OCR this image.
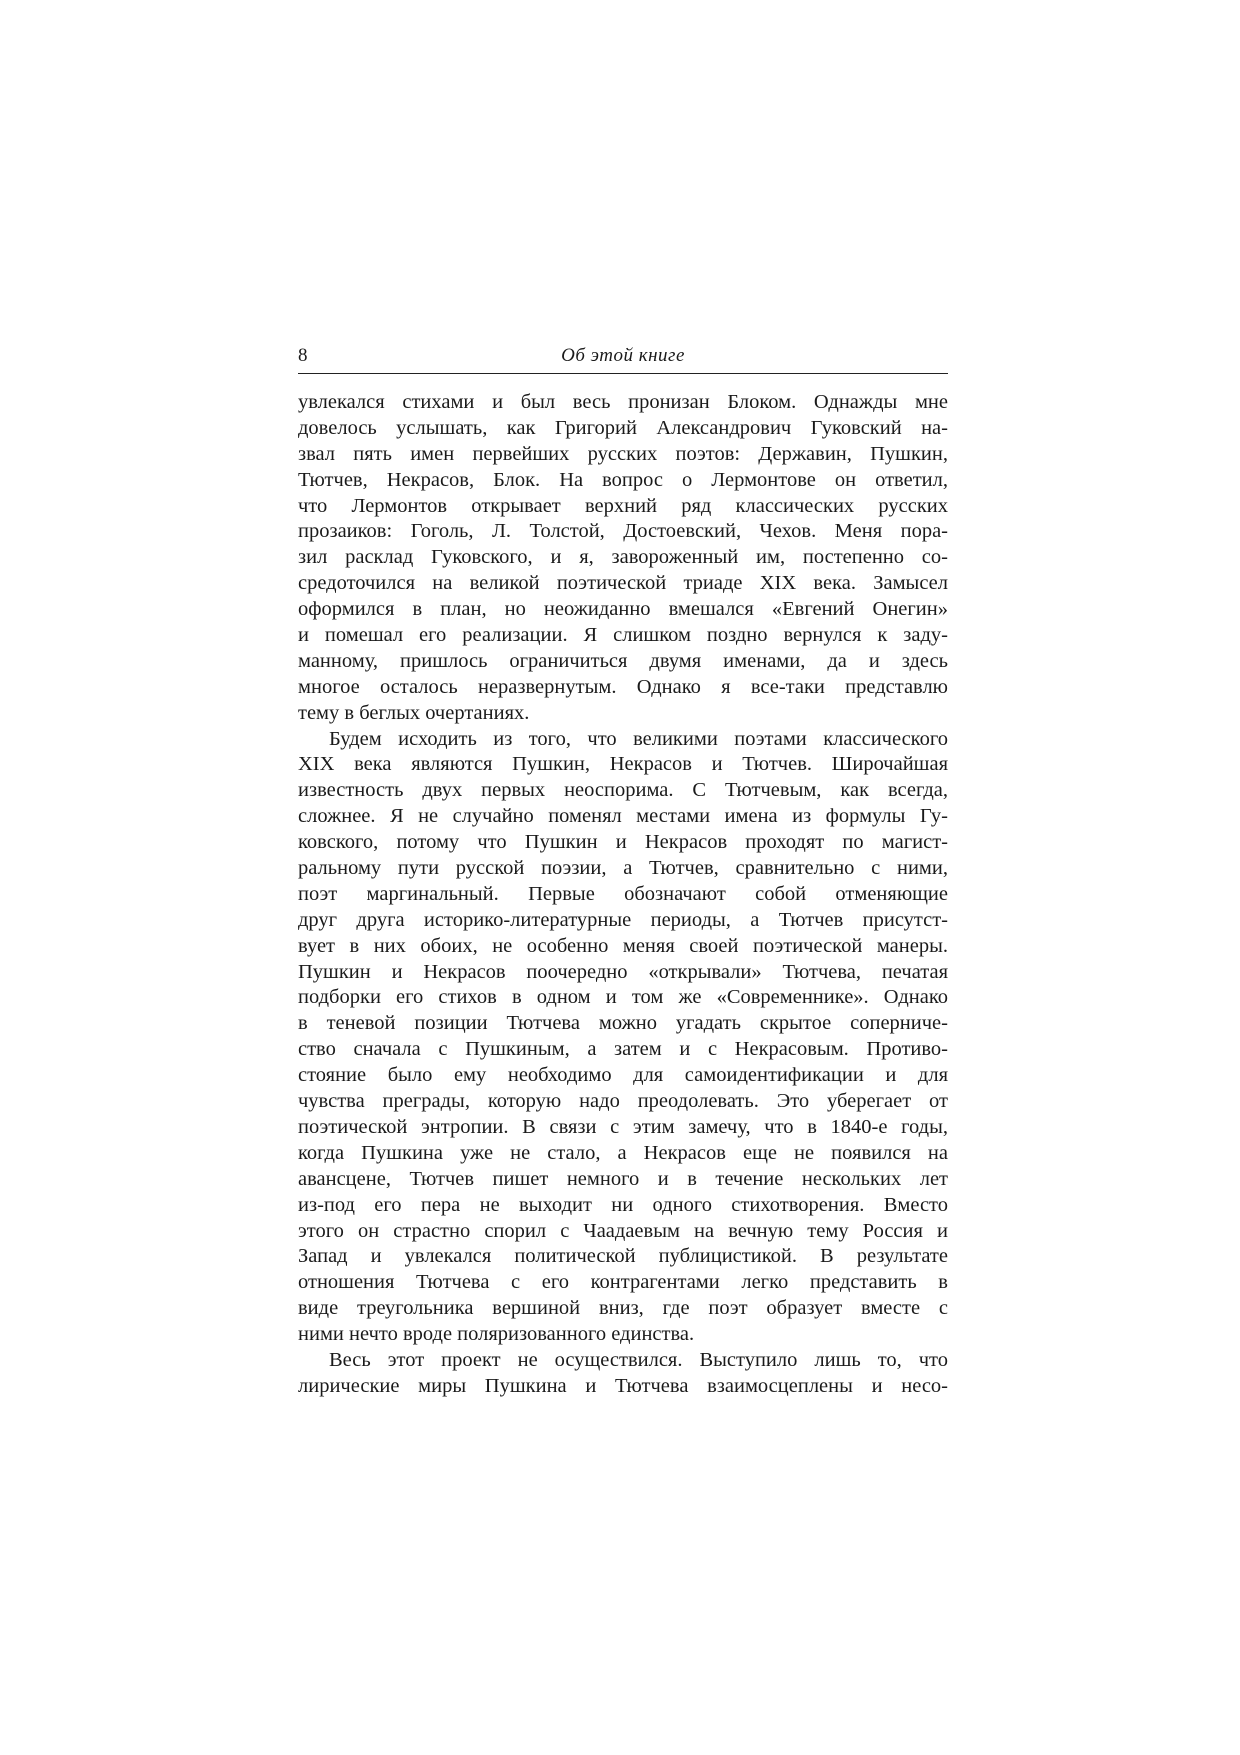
8	Об этой книге
увлекался стихами и был весь пронизан Блоком. Однажды мне
довелось услышать, как Григорий Александрович Гуковский на-
звал пять имен первейших русских поэтов: Державин, Пушкин,
Тютчев, Некрасов, Блок. На вопрос о Лермонтове он ответил,
что Лермонтов открывает верхний ряд классических русских
прозаиков: Гоголь, Л. Толстой, Достоевский, Чехов. Меня пора-
зил расклад Гуковского, и я, завороженный им, постепенно со-
средоточился на великой поэтической триаде XIX века. Замысел
оформился в план, но неожиданно вмешался «Евгений Онегин»
и помешал его реализации. Я слишком поздно вернулся к заду-
манному, пришлось ограничиться двумя именами, да и здесь
многое осталось неразвернутым. Однако я все-таки представлю
тему в беглых очертаниях.
Будем исходить из того, что великими поэтами классического
XIX века являются Пушкин, Некрасов и Тютчев. Широчайшая
известность двух первых неоспорима. С Тютчевым, как всегда,
сложнее. Я не случайно поменял местами имена из формулы Гу-
ковского, потому что Пушкин и Некрасов проходят по магист-
ральному пути русской поэзии, а Тютчев, сравнительно с ними,
поэт маргинальный. Первые обозначают собой отменяющие
друг друга историко-литературные периоды, а Тютчев присутст-
вует в них обоих, не особенно меняя своей поэтической манеры.
Пушкин и Некрасов поочередно «открывали» Тютчева, печатая
подборки его стихов в одном и том же «Современнике». Однако
в теневой позиции Тютчева можно угадать скрытое соперниче-
ство сначала с Пушкиным, а затем и с Некрасовым. Противо-
стояние было ему необходимо для самоидентификации и для
чувства преграды, которую надо преодолевать. Это уберегает от
поэтической энтропии. В связи с этим замечу, что в 1840-е годы,
когда Пушкина уже не стало, а Некрасов еще не появился на
авансцене, Тютчев пишет немного и в течение нескольких лет
из-под его пера не выходит ни одного стихотворения. Вместо
этого он страстно спорил с Чаадаевым на вечную тему Россия и
Запад и увлекался политической публицистикой. В результате
отношения Тютчева с его контрагентами легко представить в
виде треугольника вершиной вниз, где поэт образует вместе с
ними нечто вроде поляризованного единства.
Весь этот проект не осуществился. Выступило лишь то, что
лирические миры Пушкина и Тютчева взаимосцеплены и несо-
